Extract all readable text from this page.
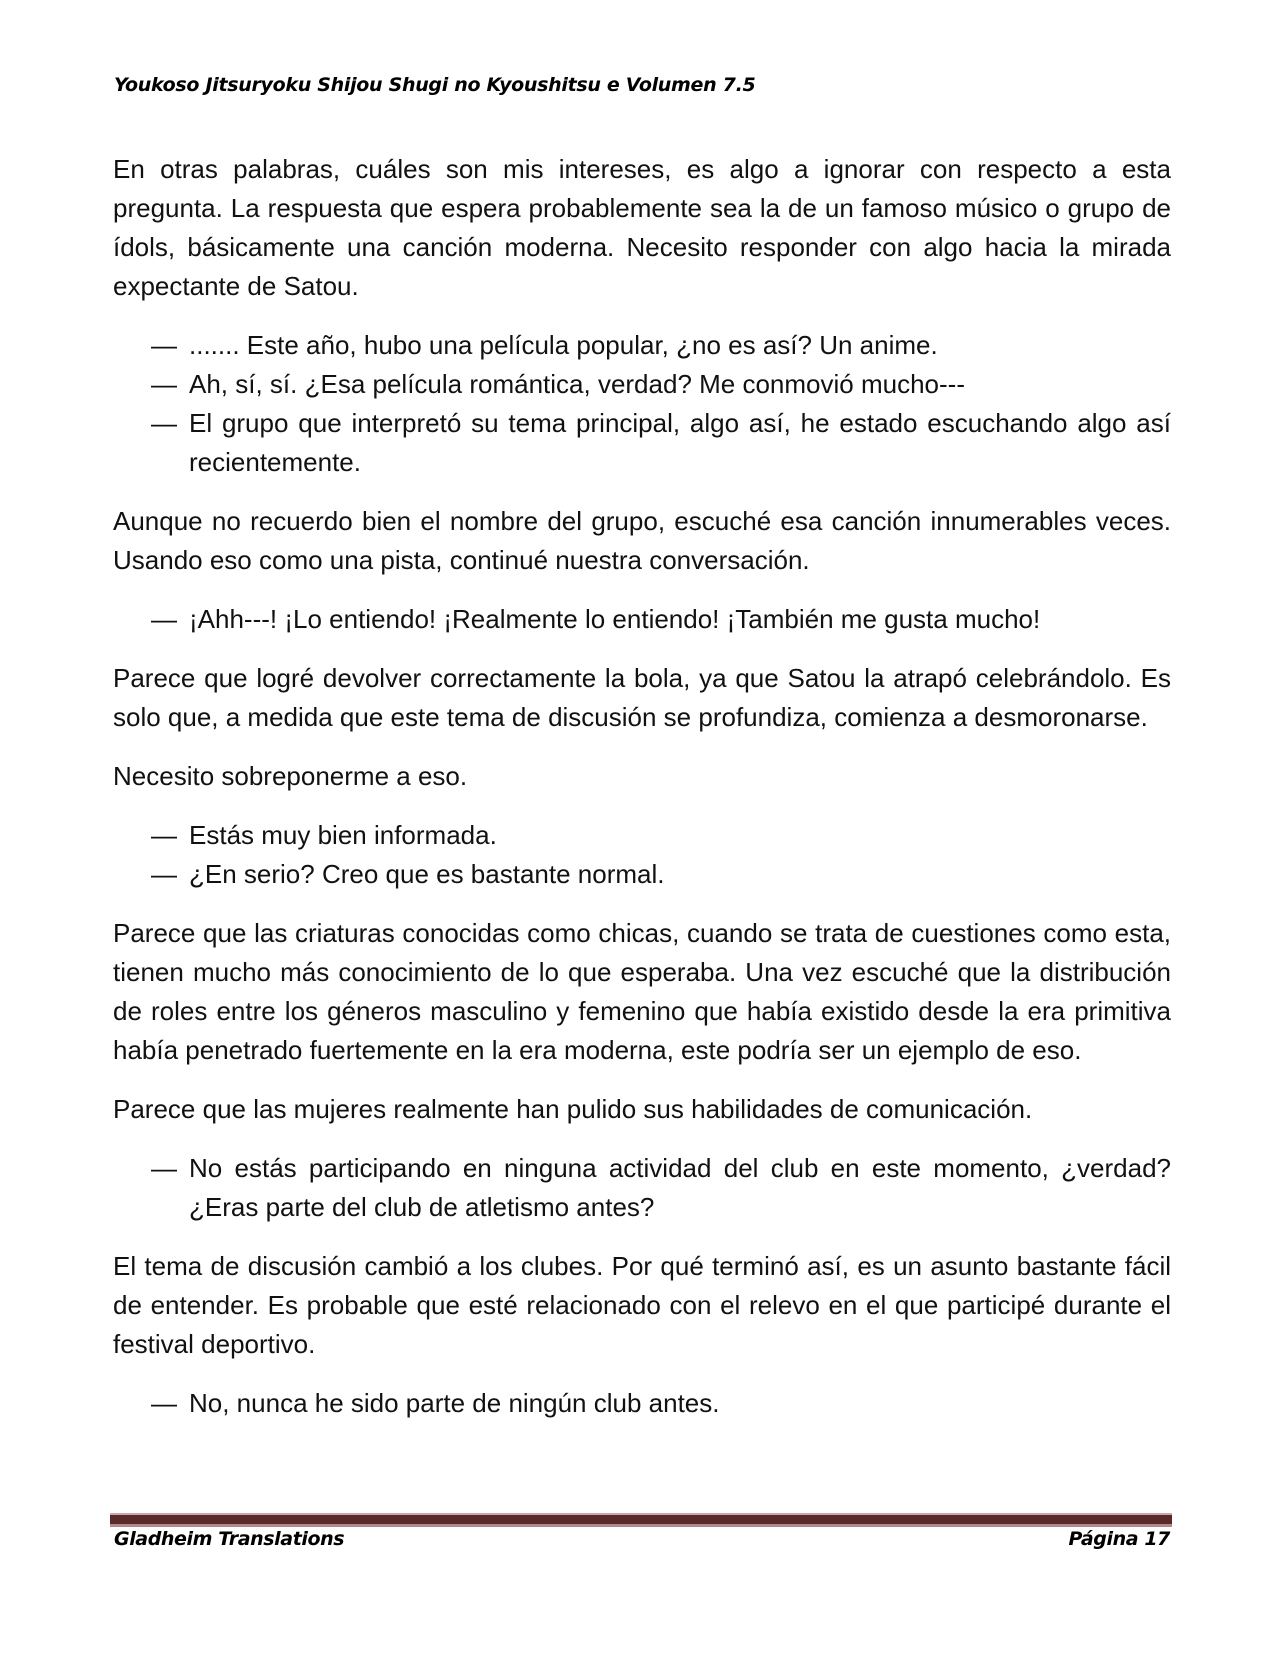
Youkoso Jitsuryoku Shijou Shugi no Kyoushitsu e Volumen 7.5

En otras palabras, cuáles son mis intereses, es algo a ignorar con respecto a esta pregunta. La respuesta que espera probablemente sea la de un famoso músico o grupo de ídols, básicamente una canción moderna. Necesito responder con algo hacia la mirada expectante de Satou.

— ....... Este año, hubo una película popular, ¿no es así? Un anime.
— Ah, sí, sí. ¿Esa película romántica, verdad? Me conmovió mucho---
— El grupo que interpretó su tema principal, algo así, he estado escuchando algo así recientemente.

Aunque no recuerdo bien el nombre del grupo, escuché esa canción innumerables veces. Usando eso como una pista, continué nuestra conversación.

— ¡Ahh---! ¡Lo entiendo! ¡Realmente lo entiendo! ¡También me gusta mucho!

Parece que logré devolver correctamente la bola, ya que Satou la atrapó celebrándolo. Es solo que, a medida que este tema de discusión se profundiza, comienza a desmoronarse.

Necesito sobreponerme a eso.

— Estás muy bien informada.
— ¿En serio? Creo que es bastante normal.

Parece que las criaturas conocidas como chicas, cuando se trata de cuestiones como esta, tienen mucho más conocimiento de lo que esperaba. Una vez escuché que la distribución de roles entre los géneros masculino y femenino que había existido desde la era primitiva había penetrado fuertemente en la era moderna, este podría ser un ejemplo de eso.

Parece que las mujeres realmente han pulido sus habilidades de comunicación.

— No estás participando en ninguna actividad del club en este momento, ¿verdad? ¿Eras parte del club de atletismo antes?

El tema de discusión cambió a los clubes. Por qué terminó así, es un asunto bastante fácil de entender. Es probable que esté relacionado con el relevo en el que participé durante el festival deportivo.

— No, nunca he sido parte de ningún club antes.
Gladheim Translations	Página 17
